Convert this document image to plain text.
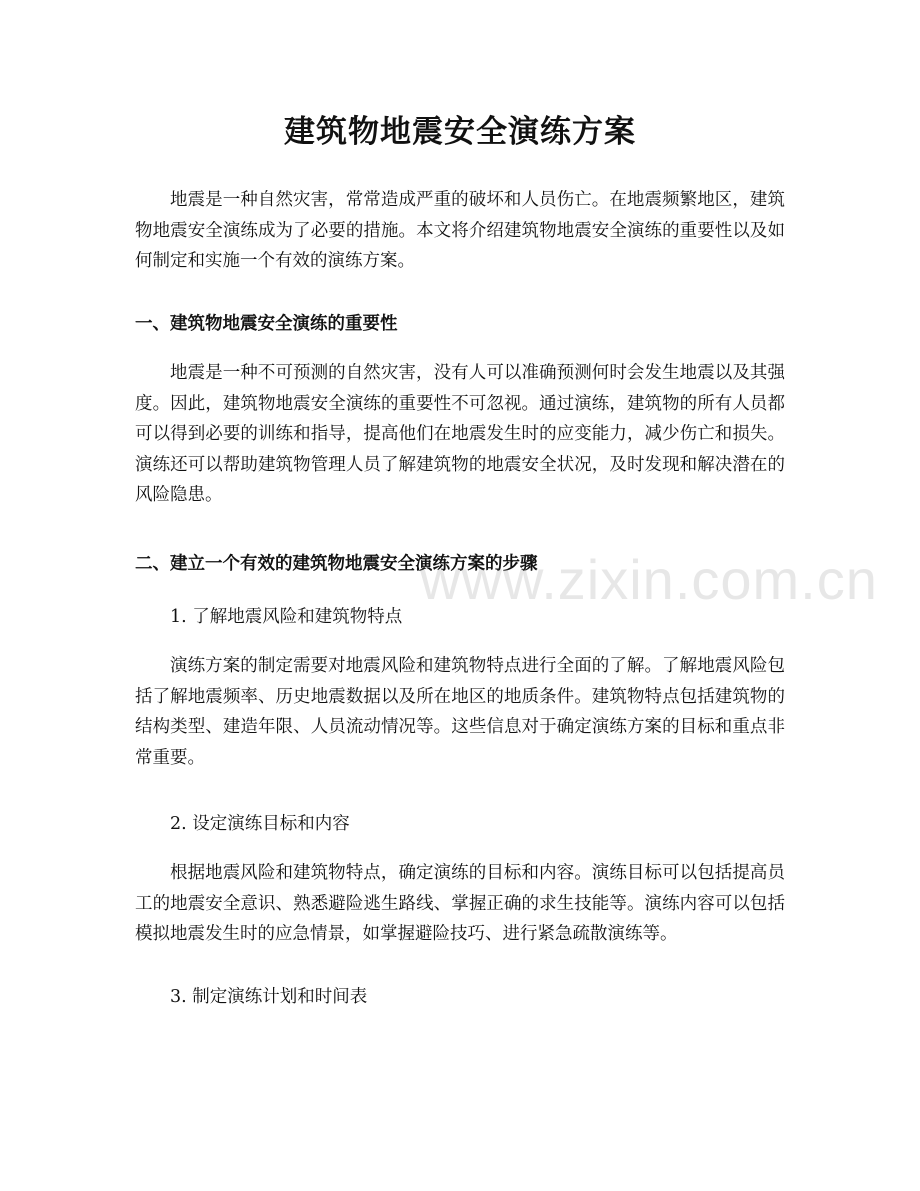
建筑物地震安全演练方案

地震是一种自然灾害，常常造成严重的破坏和人员伤亡。在地震频繁地区，建筑物地震安全演练成为了必要的措施。本文将介绍建筑物地震安全演练的重要性以及如何制定和实施一个有效的演练方案。

一、建筑物地震安全演练的重要性

地震是一种不可预测的自然灾害，没有人可以准确预测何时会发生地震以及其强度。因此，建筑物地震安全演练的重要性不可忽视。通过演练，建筑物的所有人员都可以得到必要的训练和指导，提高他们在地震发生时的应变能力，减少伤亡和损失。演练还可以帮助建筑物管理人员了解建筑物的地震安全状况，及时发现和解决潜在的风险隐患。

二、建立一个有效的建筑物地震安全演练方案的步骤

1. 了解地震风险和建筑物特点

演练方案的制定需要对地震风险和建筑物特点进行全面的了解。了解地震风险包括了解地震频率、历史地震数据以及所在地区的地质条件。建筑物特点包括建筑物的结构类型、建造年限、人员流动情况等。这些信息对于确定演练方案的目标和重点非常重要。

2. 设定演练目标和内容

根据地震风险和建筑物特点，确定演练的目标和内容。演练目标可以包括提高员工的地震安全意识、熟悉避险逃生路线、掌握正确的求生技能等。演练内容可以包括模拟地震发生时的应急情景，如掌握避险技巧、进行紧急疏散演练等。

3. 制定演练计划和时间表

www.zixin.com.cn
